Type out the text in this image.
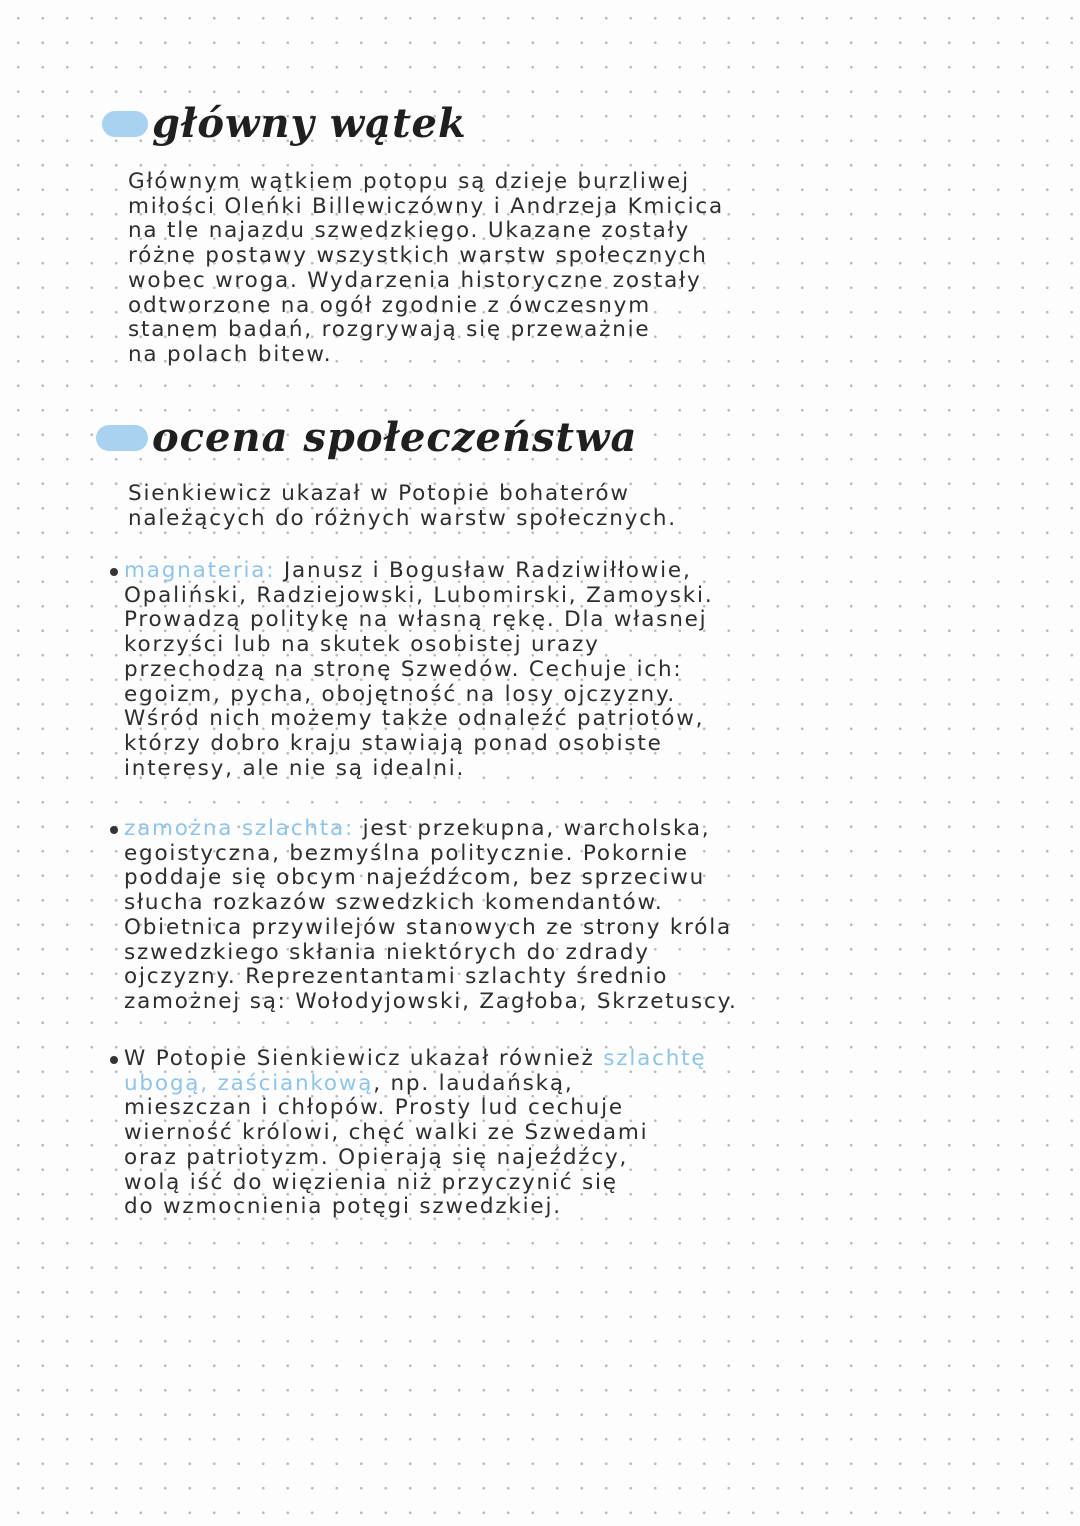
główny wątek
Głównym wątkiem potopu są dzieje burzliwej
miłości Oleńki Billewiczówny i Andrzeja Kmicica
na tle najazdu szwedzkiego. Ukazane zostały
różne postawy wszystkich warstw społecznych
wobec wroga. Wydarzenia historyczne zostały
odtworzone na ogół zgodnie z ówczesnym
stanem badań, rozgrywają się przeważnie
na polach bitew.
ocena społeczeństwa
Sienkiewicz ukazał w Potopie bohaterów
należących do różnych warstw społecznych.
magnateria: Janusz i Bogusław Radziwiłłowie,
Opaliński, Radziejowski, Lubomirski, Zamoyski.
Prowadzą politykę na własną rękę. Dla własnej
korzyści lub na skutek osobistej urazy
przechodzą na stronę Szwedów. Cechuje ich:
egoizm, pycha, obojętność na losy ojczyzny.
Wśród nich możemy także odnaleźć patriotów,
którzy dobro kraju stawiają ponad osobiste
interesy, ale nie są idealni.
zamożna szlachta: jest przekupna, warcholska,
egoistyczna, bezmyślna politycznie. Pokornie
poddaje się obcym najeźdźcom, bez sprzeciwu
słucha rozkazów szwedzkich komendantów.
Obietnica przywilejów stanowych ze strony króla
szwedzkiego skłania niektórych do zdrady
ojczyzny. Reprezentantami szlachty średnio
zamożnej są: Wołodyjowski, Zagłoba, Skrzetuscy.
W Potopie Sienkiewicz ukazał również szlachtę
ubogą, zaściankową, np. laudańską,
mieszczan i chłopów. Prosty lud cechuje
wierność królowi, chęć walki ze Szwedami
oraz patriotyzm. Opierają się najeźdźcy,
wolą iść do więzienia niż przyczynić się
do wzmocnienia potęgi szwedzkiej.
